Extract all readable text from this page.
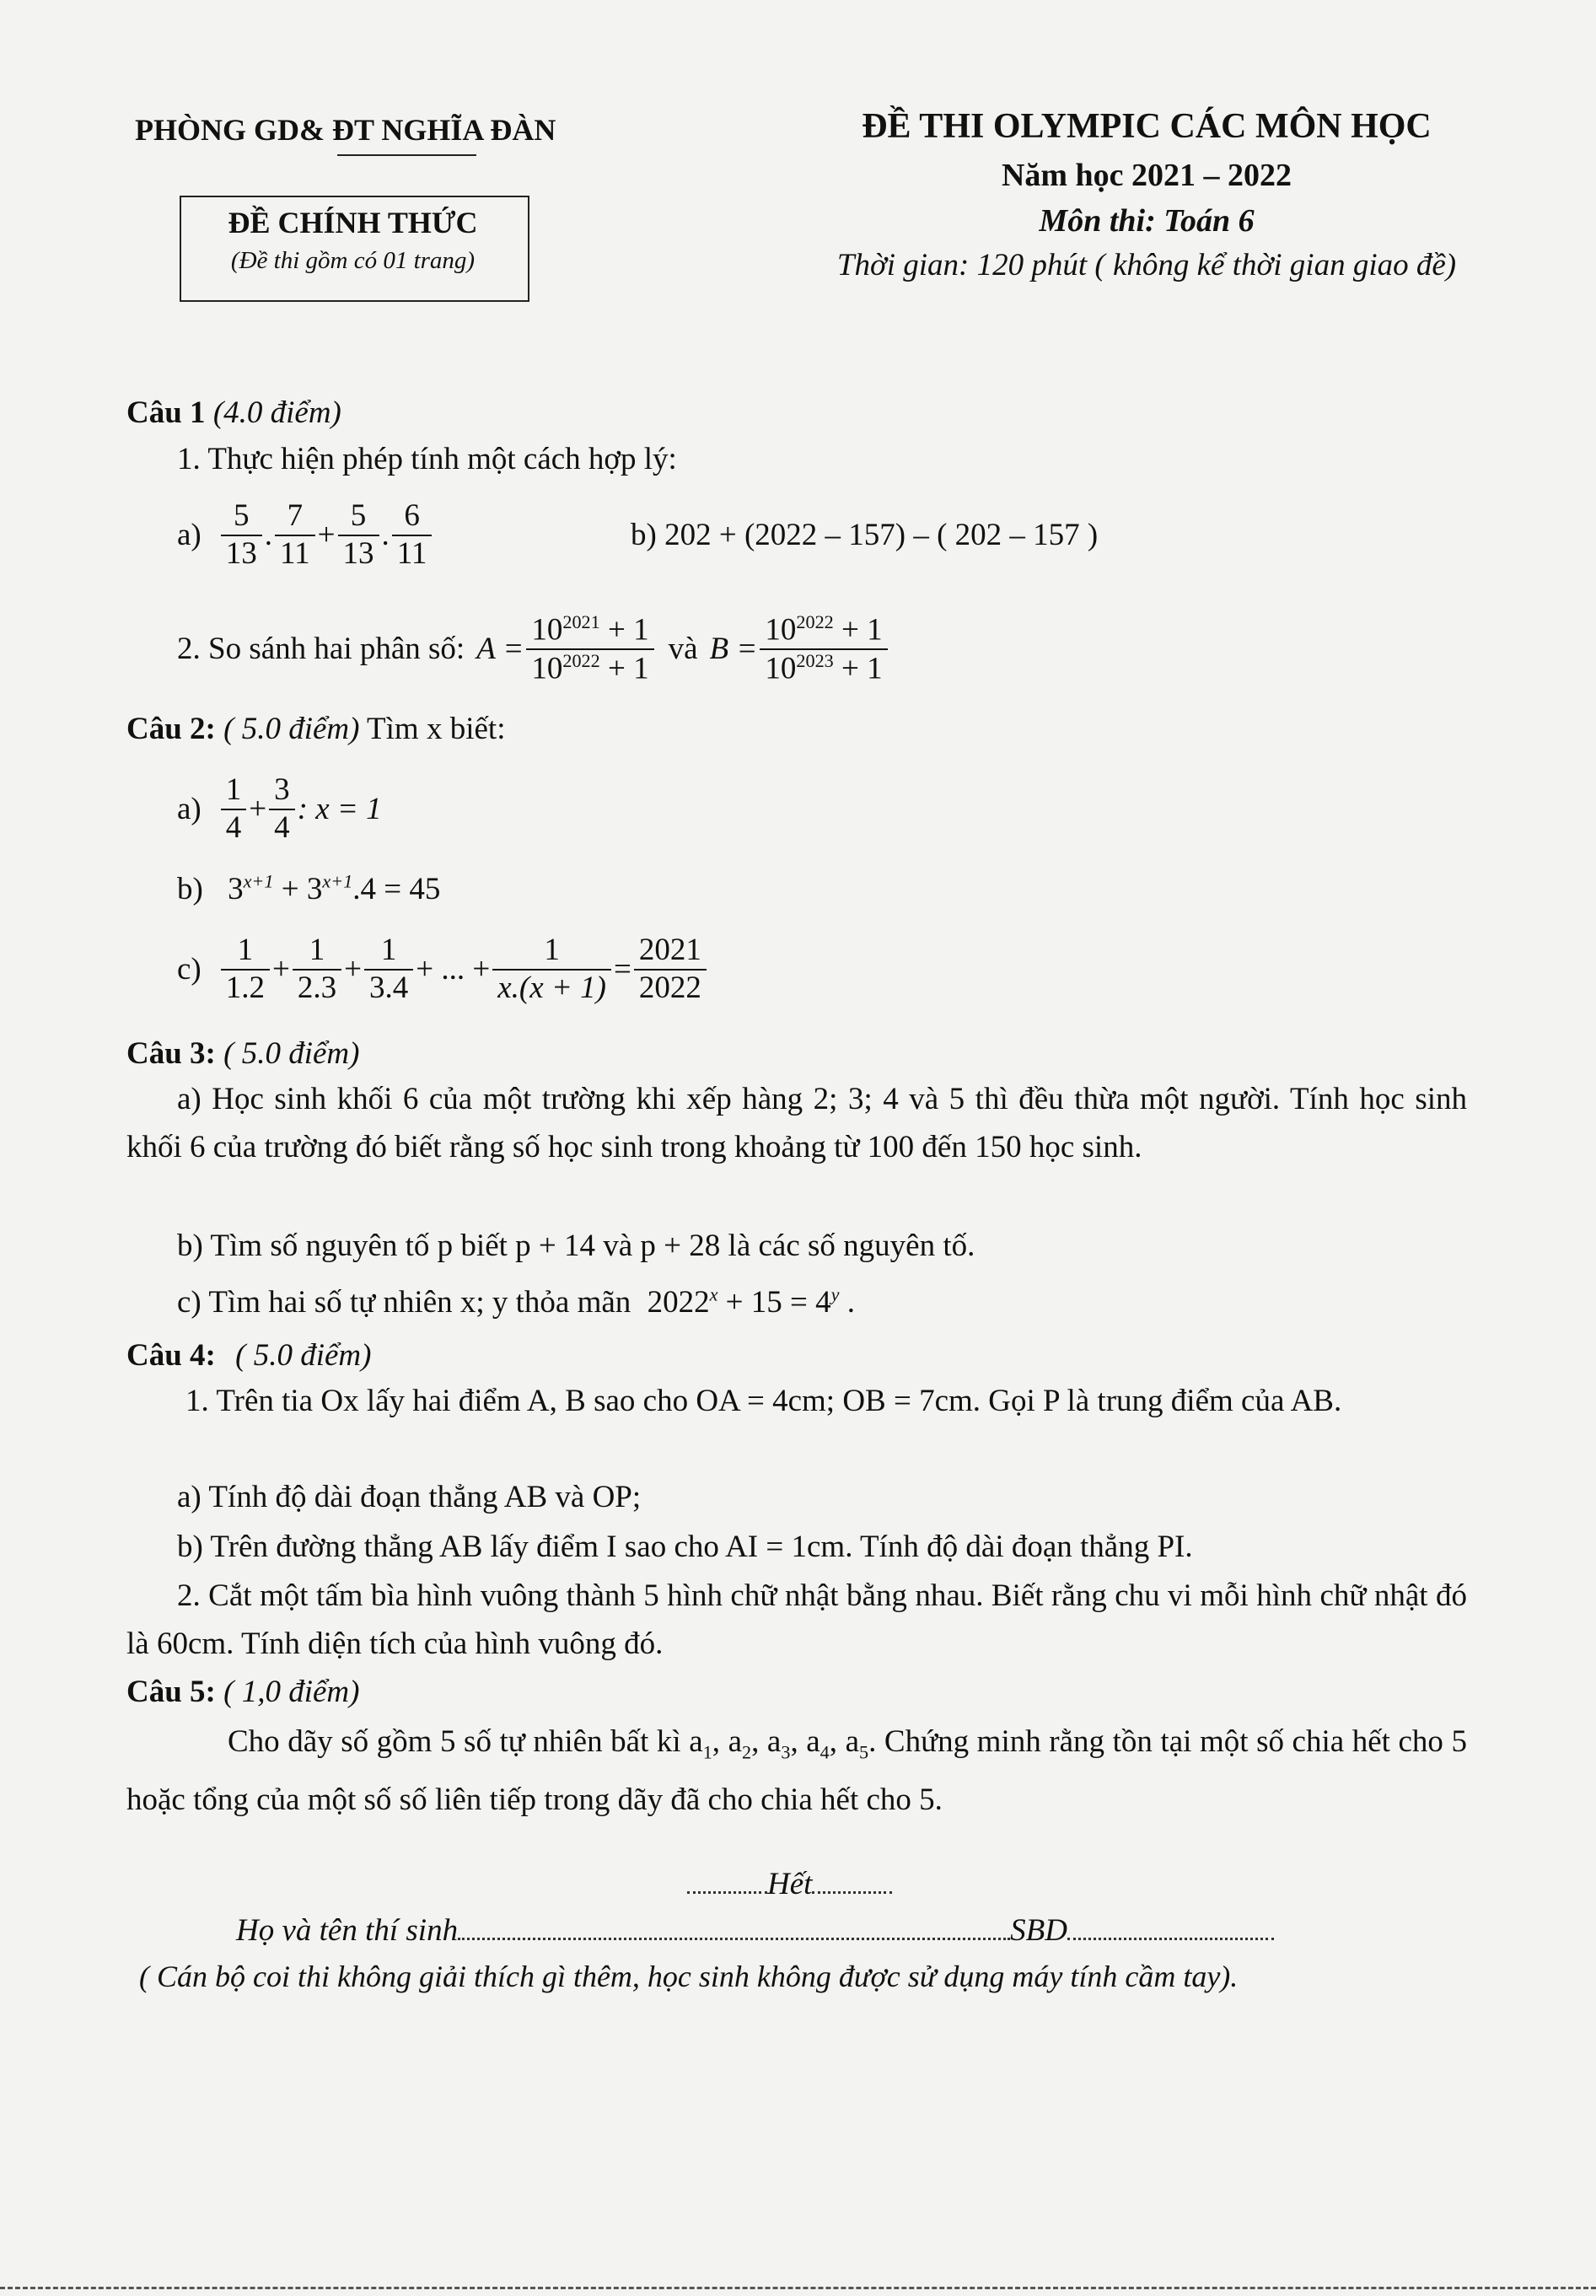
PHÒNG GD& ĐT NGHĨA ĐÀN
ĐỀ CHÍNH THỨC
(Đề thi gồm có 01 trang)
ĐỀ THI OLYMPIC CÁC MÔN HỌC
Năm học 2021 – 2022
Môn thi: Toán 6
Thời gian: 120 phút ( không kể thời gian giao đề)
Câu 1 (4.0 điểm)
1. Thực hiện phép tính một cách hợp lý:
$a) \frac{5}{13}$ . $\frac{7}{11} + \frac{5}{13}$ . $\frac{6}{11}$	b) 202 + (2022 – 157) – ( 202 – 157 )
2. So sánh hai phân số: $A = \frac{10^{2021} + 1}{10^{2022} + 1}$ và $B = \frac{10^{2022} + 1}{10^{2023} + 1}$
Câu 2: ( 5.0 điểm) Tìm x biết:
$a) \frac{1}{4} + \frac{3}{4}$ : x = 1
b) $3^{x+1} + 3^{x+1}.4 = 45$
$c) \frac{1}{1.2} + \frac{1}{2.3} + \frac{1}{3.4}$ + ... + $\frac{1}{x.(x + 1)} = \frac{2021}{2022}$
Câu 3: ( 5.0 điểm)
a) Học sinh khối 6 của một trường khi xếp hàng 2; 3; 4 và 5 thì đều thừa một người. Tính học sinh khối 6 của trường đó biết rằng số học sinh trong khoảng từ 100 đến 150 học sinh.
b) Tìm số nguyên tố p biết p + 14 và p + 28 là các số nguyên tố.
c) Tìm hai số tự nhiên x; y thỏa mãn $2022^x + 15 = 4^y$ .
Câu 4: ( 5.0 điểm)
1. Trên tia Ox lấy hai điểm A, B sao cho OA = 4cm; OB = 7cm. Gọi P là trung điểm của AB.
a) Tính độ dài đoạn thẳng AB và OP;
b) Trên đường thẳng AB lấy điểm I sao cho AI = 1cm. Tính độ dài đoạn thẳng PI.
2. Cắt một tấm bìa hình vuông thành 5 hình chữ nhật bằng nhau. Biết rằng chu vi mỗi hình chữ nhật đó là 60cm. Tính diện tích của hình vuông đó.
Câu 5: ( 1,0 điểm)
Cho dãy số gồm 5 số tự nhiên bất kì $a_1$, $a_2$, $a_3$, $a_4$, $a_5$. Chứng minh rằng tồn tại một số chia hết cho 5 hoặc tổng của một số số liên tiếp trong dãy đã cho chia hết cho 5.
Hết
Họ và tên thí sinh	SBD
( Cán bộ coi thi không giải thích gì thêm, học sinh không được sử dụng máy tính cầm tay).
